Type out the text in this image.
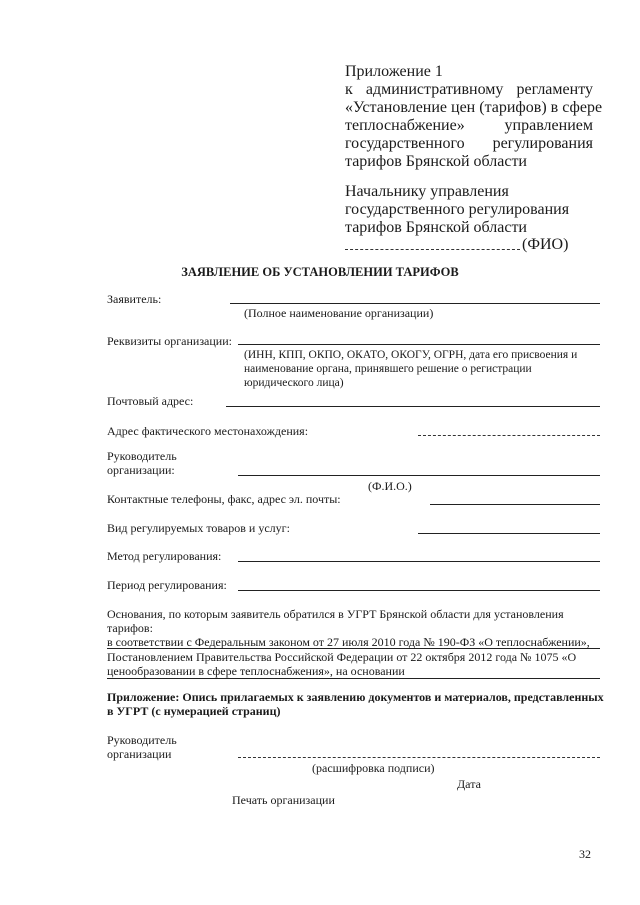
Приложение 1
к административному регламенту
«Установление цен (тарифов) в сфере
теплоснабжение» управлением
государственного регулирования
тарифов Брянской области
Начальнику управления
государственного регулирования
тарифов Брянской области
(ФИО)
ЗАЯВЛЕНИЕ ОБ УСТАНОВЛЕНИИ ТАРИФОВ
Заявитель:
(Полное наименование организации)
Реквизиты организации:
(ИНН, КПП, ОКПО, ОКАТО, ОКОГУ, ОГРН, дата его присвоения и
наименование органа, принявшего решение о регистрации
юридического лица)
Почтовый адрес:
Адрес фактического местонахождения:
Руководитель
организации:
(Ф.И.О.)
Контактные телефоны, факс, адрес эл. почты:
Вид регулируемых товаров и услуг:
Метод регулирования:
Период регулирования:
Основания, по которым заявитель обратился в УГРТ Брянской области для установления
тарифов:
в соответствии с Федеральным законом от 27 июля 2010 года № 190-ФЗ «О теплоснабжении»,
Постановлением Правительства Российской Федерации от 22 октября 2012 года № 1075 «О
ценообразовании в сфере теплоснабжения», на основании
Приложение: Опись прилагаемых к заявлению документов и материалов, представленных
в УГРТ (с нумерацией страниц)
Руководитель
организации
(расшифровка подписи)
Дата
Печать организации
32
